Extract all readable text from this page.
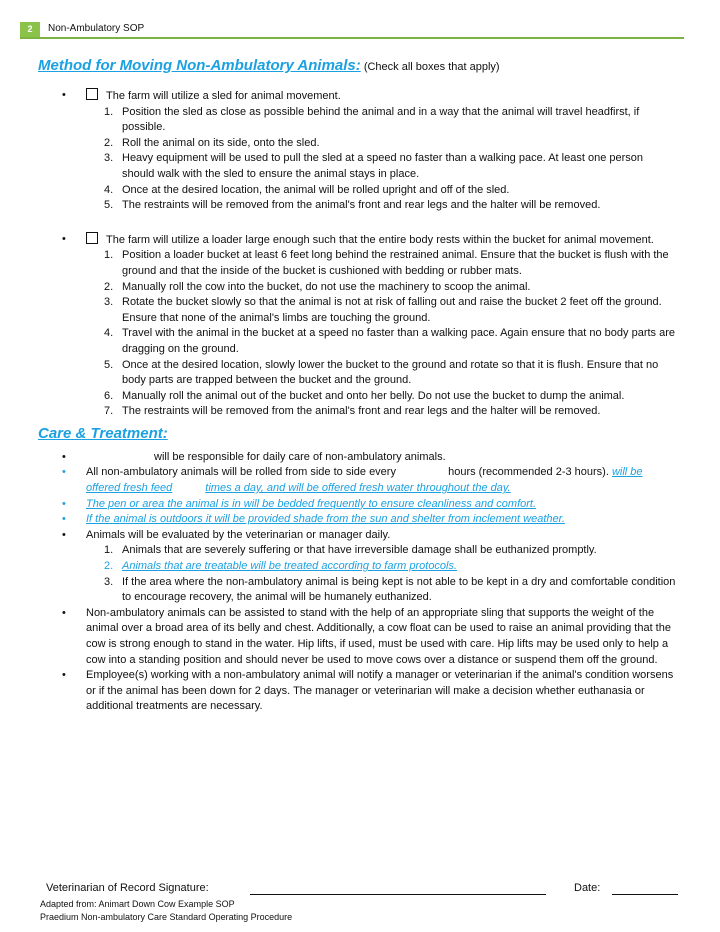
2	Non-Ambulatory SOP
Method for Moving Non-Ambulatory Animals: (Check all boxes that apply)
•	The farm will utilize a sled for animal movement.
1. Position the sled as close as possible behind the animal and in a way that the animal will travel headfirst, if possible.
2. Roll the animal on its side, onto the sled.
3. Heavy equipment will be used to pull the sled at a speed no faster than a walking pace. At least one person should walk with the sled to ensure the animal stays in place.
4. Once at the desired location, the animal will be rolled upright and off of the sled.
5. The restraints will be removed from the animal's front and rear legs and the halter will be removed.
•	The farm will utilize a loader large enough such that the entire body rests within the bucket for animal movement.
1. Position a loader bucket at least 6 feet long behind the restrained animal. Ensure that the bucket is flush with the ground and that the inside of the bucket is cushioned with bedding or rubber mats.
2. Manually roll the cow into the bucket, do not use the machinery to scoop the animal.
3. Rotate the bucket slowly so that the animal is not at risk of falling out and raise the bucket 2 feet off the ground. Ensure that none of the animal's limbs are touching the ground.
4. Travel with the animal in the bucket at a speed no faster than a walking pace. Again ensure that no body parts are dragging on the ground.
5. Once at the desired location, slowly lower the bucket to the ground and rotate so that it is flush. Ensure that no body parts are trapped between the bucket and the ground.
6. Manually roll the animal out of the bucket and onto her belly. Do not use the bucket to dump the animal.
7. The restraints will be removed from the animal's front and rear legs and the halter will be removed.
Care & Treatment:
•	will be responsible for daily care of non-ambulatory animals.
• All non-ambulatory animals will be rolled from side to side every	hours (recommended 2-3 hours). will be offered fresh feed	times a day, and will be offered fresh water throughout the day.
• The pen or area the animal is in will be bedded frequently to ensure cleanliness and comfort.
• If the animal is outdoors it will be provided shade from the sun and shelter from inclement weather.
• Animals will be evaluated by the veterinarian or manager daily.
1. Animals that are severely suffering or that have irreversible damage shall be euthanized promptly.
2. Animals that are treatable will be treated according to farm protocols.
3. If the area where the non-ambulatory animal is being kept is not able to be kept in a dry and comfortable condition to encourage recovery, the animal will be humanely euthanized.
• Non-ambulatory animals can be assisted to stand with the help of an appropriate sling that supports the weight of the animal over a broad area of its belly and chest. Additionally, a cow float can be used to raise an animal providing that the cow is strong enough to stand in the water. Hip lifts, if used, must be used with care. Hip lifts may be used only to help a cow into a standing position and should never be used to move cows over a distance or suspend them off the ground.
• Employee(s) working with a non-ambulatory animal will notify a manager or veterinarian if the animal's condition worsens or if the animal has been down for 2 days. The manager or veterinarian will make a decision whether euthanasia or additional treatments are necessary.
Veterinarian of Record Signature:	Date:
Adapted from: Animart Down Cow Example SOP
Praedium Non-ambulatory Care Standard Operating Procedure
